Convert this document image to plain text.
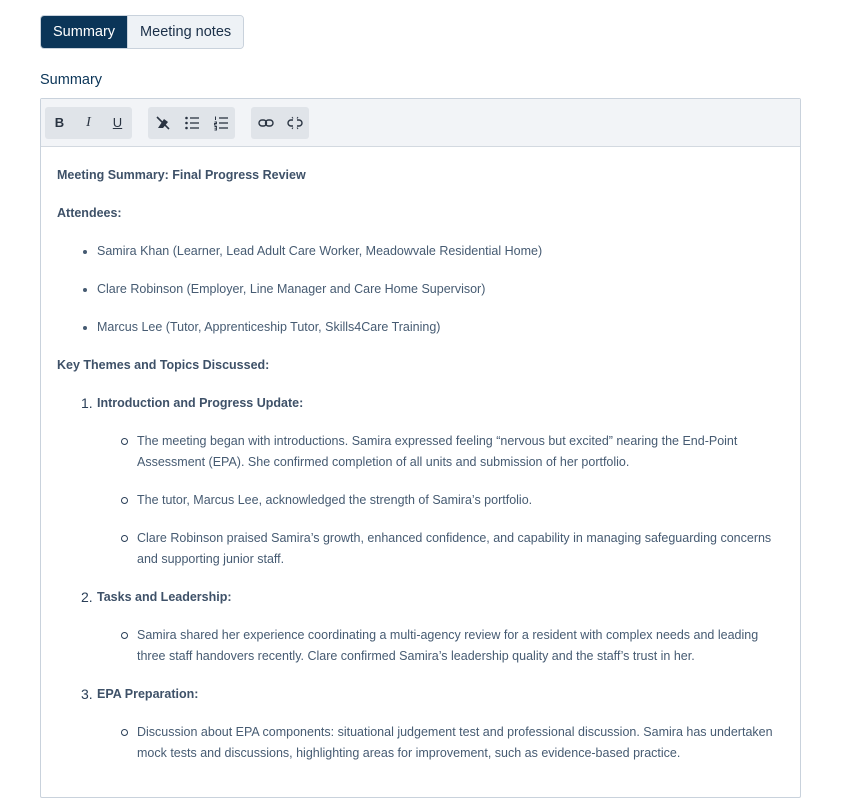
Summary	Meeting notes
Summary
B I U

Meeting Summary: Final Progress Review

Attendees:

• Samira Khan (Learner, Lead Adult Care Worker, Meadowvale Residential Home)
• Clare Robinson (Employer, Line Manager and Care Home Supervisor)
• Marcus Lee (Tutor, Apprenticeship Tutor, Skills4Care Training)

Key Themes and Topics Discussed:

1. Introduction and Progress Update:
The meeting began with introductions. Samira expressed feeling “nervous but excited” nearing the End-Point Assessment (EPA). She confirmed completion of all units and submission of her portfolio.
The tutor, Marcus Lee, acknowledged the strength of Samira’s portfolio.
Clare Robinson praised Samira’s growth, enhanced confidence, and capability in managing safeguarding concerns and supporting junior staff.
2. Tasks and Leadership:
Samira shared her experience coordinating a multi-agency review for a resident with complex needs and leading three staff handovers recently. Clare confirmed Samira’s leadership quality and the staff’s trust in her.
3. EPA Preparation:
Discussion about EPA components: situational judgement test and professional discussion. Samira has undertaken mock tests and discussions, highlighting areas for improvement, such as evidence-based practice.
